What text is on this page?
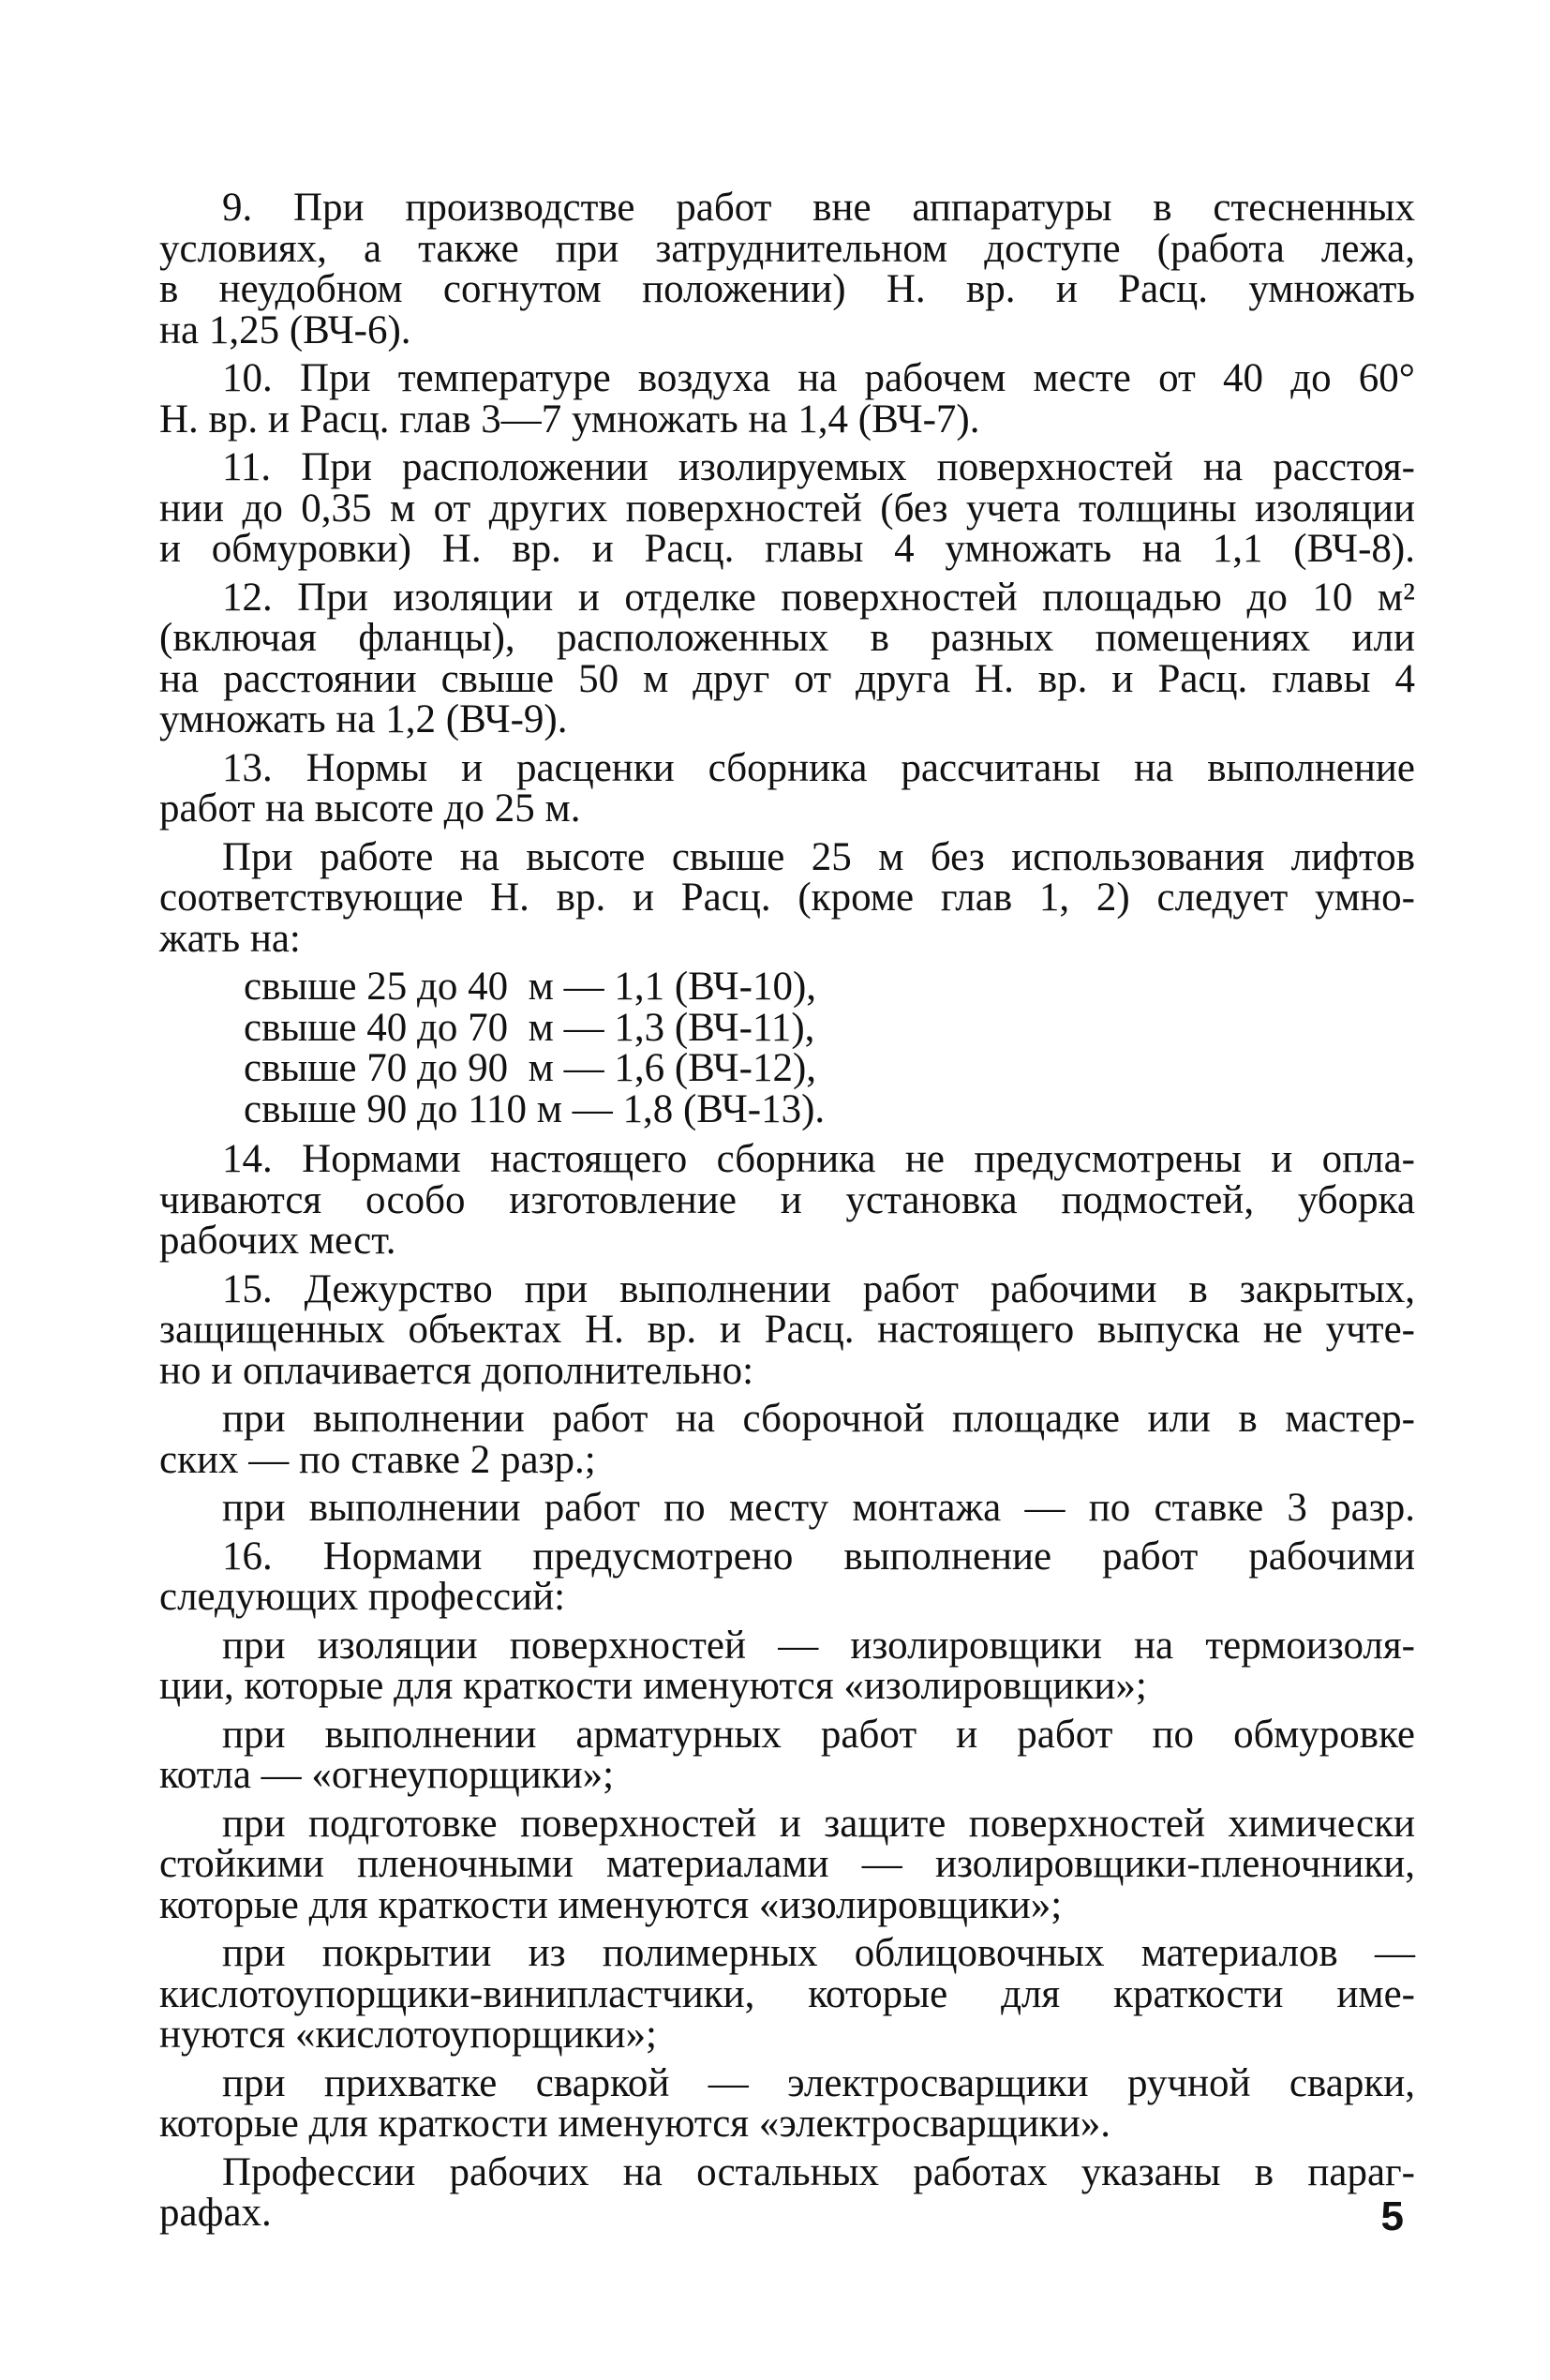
9. При производстве работ вне аппаратуры в стесненных
условиях, а также при затруднительном доступе (работа лежа,
в неудобном согнутом положении) Н. вр. и Расц. умножать
на 1,25 (ВЧ-6).
10. При температуре воздуха на рабочем месте от 40 до 60°
Н. вр. и Расц. глав 3—7 умножать на 1,4 (ВЧ-7).
11. При расположении изолируемых поверхностей на расстоя-
нии до 0,35 м от других поверхностей (без учета толщины изоляции
и обмуровки) Н. вр. и Расц. главы 4 умножать на 1,1 (ВЧ-8).
12. При изоляции и отделке поверхностей площадью до 10 м²
(включая фланцы), расположенных в разных помещениях или
на расстоянии свыше 50 м друг от друга Н. вр. и Расц. главы 4
умножать на 1,2 (ВЧ-9).
13. Нормы и расценки сборника рассчитаны на выполнение
работ на высоте до 25 м.
При работе на высоте свыше 25 м без использования лифтов
соответствующие Н. вр. и Расц. (кроме глав 1, 2) следует умно-
жать на:
свыше 25 до 40  м — 1,1 (ВЧ-10),
свыше 40 до 70  м — 1,3 (ВЧ-11),
свыше 70 до 90  м — 1,6 (ВЧ-12),
свыше 90 до 110 м — 1,8 (ВЧ-13).
14. Нормами настоящего сборника не предусмотрены и опла-
чиваются особо изготовление и установка подмостей, уборка
рабочих мест.
15. Дежурство при выполнении работ рабочими в закрытых,
защищенных объектах Н. вр. и Расц. настоящего выпуска не учте-
но и оплачивается дополнительно:
при выполнении работ на сборочной площадке или в мастер-
ских — по ставке 2 разр.;
при выполнении работ по месту монтажа — по ставке 3 разр.
16. Нормами предусмотрено выполнение работ рабочими
следующих профессий:
при изоляции поверхностей — изолировщики на термоизоля-
ции, которые для краткости именуются «изолировщики»;
при выполнении арматурных работ и работ по обмуровке
котла — «огнеупорщики»;
при подготовке поверхностей и защите поверхностей химически
стойкими пленочными материалами — изолировщики-пленочники,
которые для краткости именуются «изолировщики»;
при покрытии из полимерных облицовочных материалов —
кислотоупорщики-винипластчики, которые для краткости име-
нуются «кислотоупорщики»;
при прихватке сваркой — электросварщики ручной сварки,
которые для краткости именуются «электросварщики».
Профессии рабочих на остальных работах указаны в параг-
рафах.	5
